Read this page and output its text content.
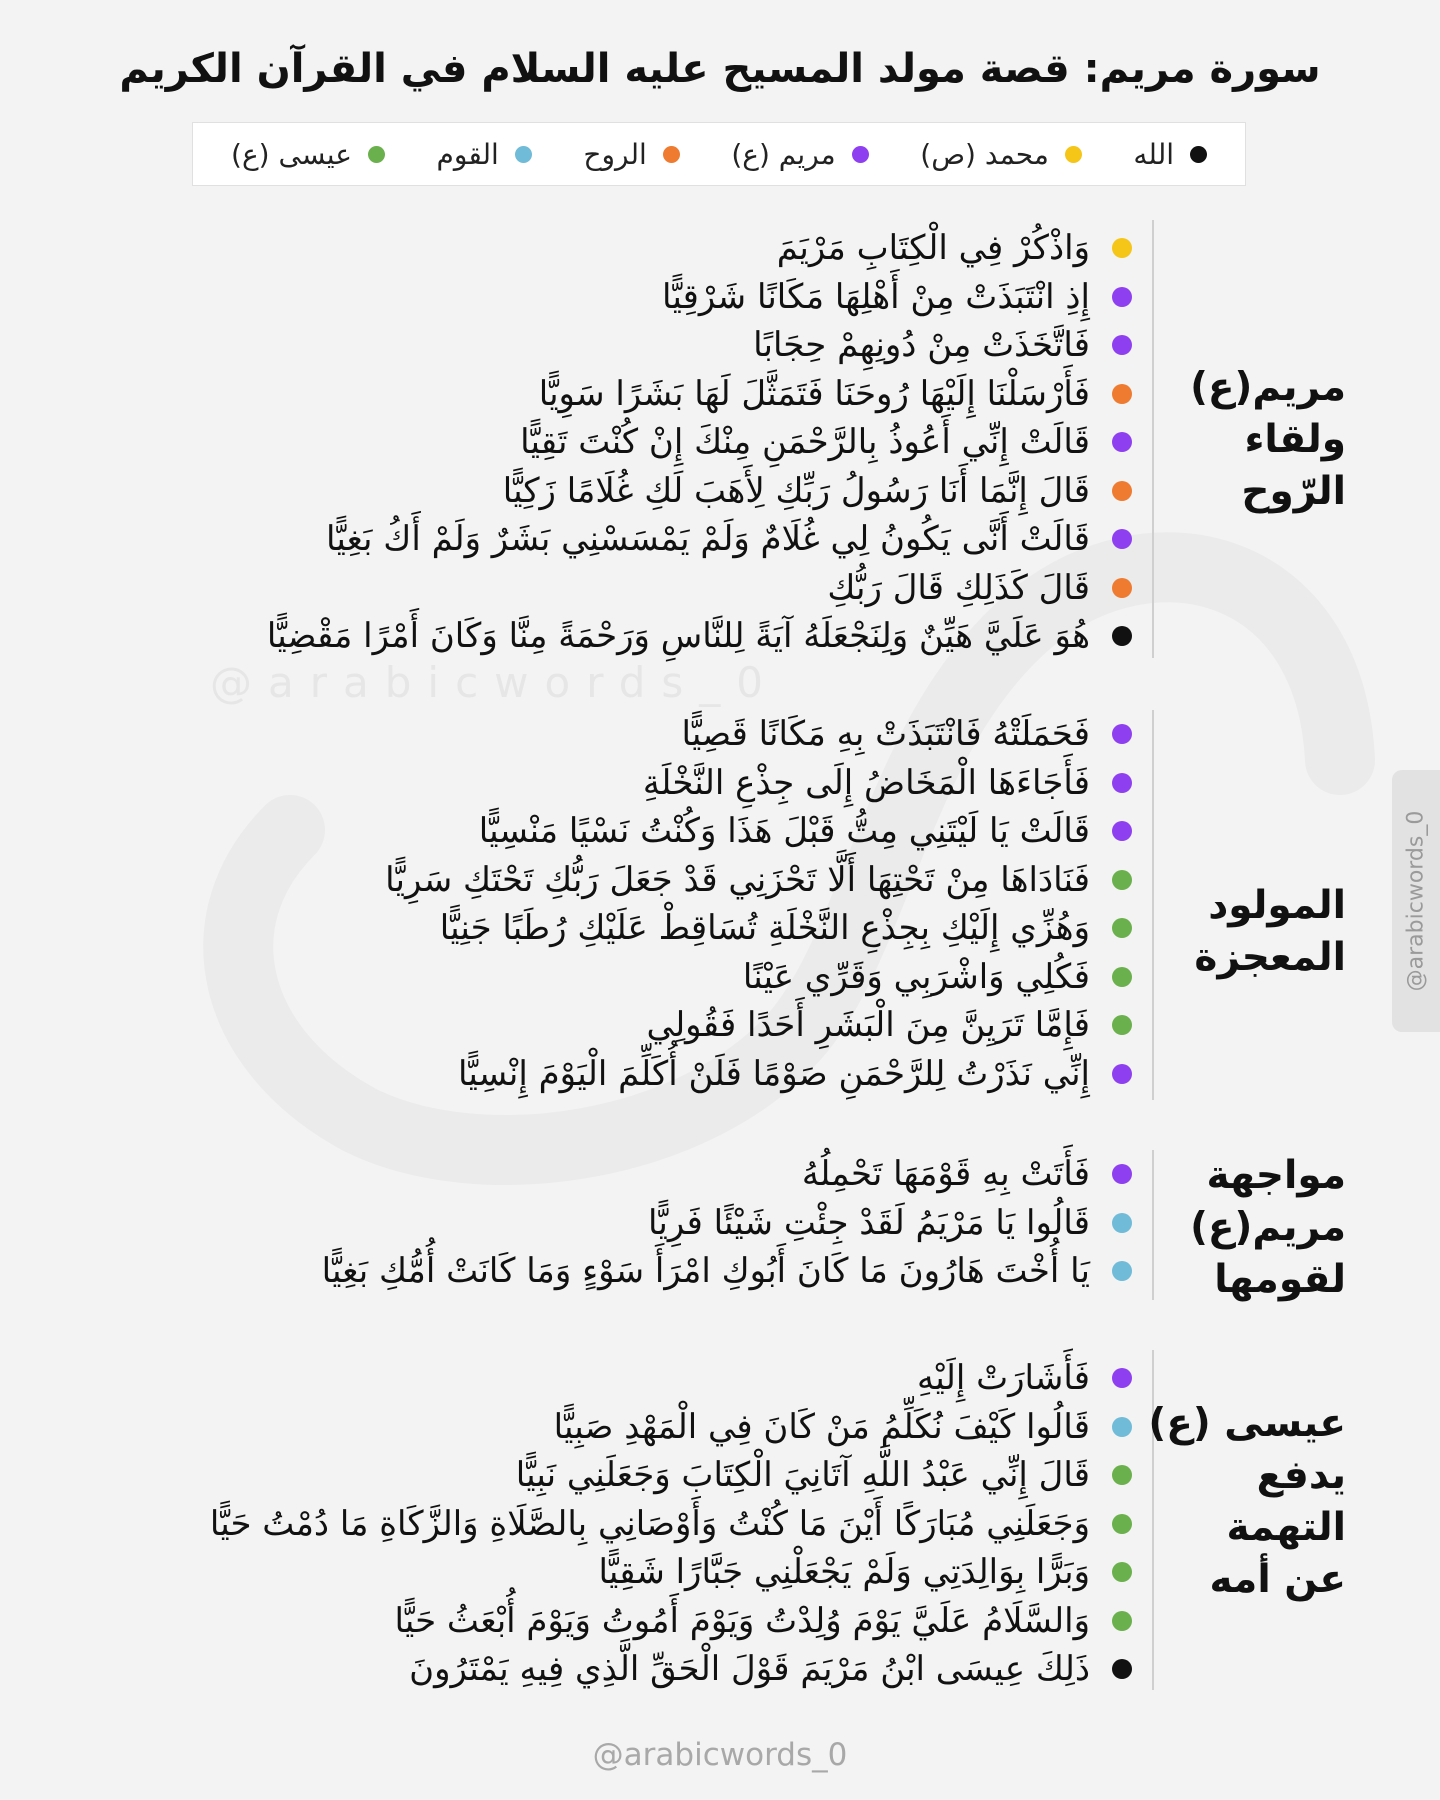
@arabicwords_0
سورة مريم: قصة مولد المسيح عليه السلام في القرآن الكريم
الله
محمد (ص)
مريم (ع)
الروح
القوم
عيسى (ع)
مريم(ع)
ولقاء
الرّوح
وَاذْكُرْ فِي الْكِتَابِ مَرْيَمَ
إِذِ انْتَبَذَتْ مِنْ أَهْلِهَا مَكَانًا شَرْقِيًّا
فَاتَّخَذَتْ مِنْ دُونِهِمْ حِجَابًا
فَأَرْسَلْنَا إِلَيْهَا رُوحَنَا فَتَمَثَّلَ لَهَا بَشَرًا سَوِيًّا
قَالَتْ إِنِّي أَعُوذُ بِالرَّحْمَنِ مِنْكَ إِنْ كُنْتَ تَقِيًّا
قَالَ إِنَّمَا أَنَا رَسُولُ رَبِّكِ لِأَهَبَ لَكِ غُلَامًا زَكِيًّا
قَالَتْ أَنَّى يَكُونُ لِي غُلَامٌ وَلَمْ يَمْسَسْنِي بَشَرٌ وَلَمْ أَكُ بَغِيًّا
قَالَ كَذَلِكِ قَالَ رَبُّكِ
هُوَ عَلَيَّ هَيِّنٌ وَلِنَجْعَلَهُ آيَةً لِلنَّاسِ وَرَحْمَةً مِنَّا وَكَانَ أَمْرًا مَقْضِيًّا
المولود
المعجزة
فَحَمَلَتْهُ فَانْتَبَذَتْ بِهِ مَكَانًا قَصِيًّا
فَأَجَاءَهَا الْمَخَاضُ إِلَى جِذْعِ النَّخْلَةِ
قَالَتْ يَا لَيْتَنِي مِتُّ قَبْلَ هَذَا وَكُنْتُ نَسْيًا مَنْسِيًّا
فَنَادَاهَا مِنْ تَحْتِهَا أَلَّا تَحْزَنِي قَدْ جَعَلَ رَبُّكِ تَحْتَكِ سَرِيًّا
وَهُزِّي إِلَيْكِ بِجِذْعِ النَّخْلَةِ تُسَاقِطْ عَلَيْكِ رُطَبًا جَنِيًّا
فَكُلِي وَاشْرَبِي وَقَرِّي عَيْنًا
فَإِمَّا تَرَيِنَّ مِنَ الْبَشَرِ أَحَدًا فَقُولِي
إِنِّي نَذَرْتُ لِلرَّحْمَنِ صَوْمًا فَلَنْ أُكَلِّمَ الْيَوْمَ إِنْسِيًّا
مواجهة
مريم(ع)
لقومها
فَأَتَتْ بِهِ قَوْمَهَا تَحْمِلُهُ
قَالُوا يَا مَرْيَمُ لَقَدْ جِئْتِ شَيْئًا فَرِيًّا
يَا أُخْتَ هَارُونَ مَا كَانَ أَبُوكِ امْرَأَ سَوْءٍ وَمَا كَانَتْ أُمُّكِ بَغِيًّا
عيسى (ع)
يدفع
التهمة
عن أمه
فَأَشَارَتْ إِلَيْهِ
قَالُوا كَيْفَ نُكَلِّمُ مَنْ كَانَ فِي الْمَهْدِ صَبِيًّا
قَالَ إِنِّي عَبْدُ اللَّهِ آتَانِيَ الْكِتَابَ وَجَعَلَنِي نَبِيًّا
وَجَعَلَنِي مُبَارَكًا أَيْنَ مَا كُنْتُ وَأَوْصَانِي بِالصَّلَاةِ وَالزَّكَاةِ مَا دُمْتُ حَيًّا
وَبَرًّا بِوَالِدَتِي وَلَمْ يَجْعَلْنِي جَبَّارًا شَقِيًّا
وَالسَّلَامُ عَلَيَّ يَوْمَ وُلِدْتُ وَيَوْمَ أَمُوتُ وَيَوْمَ أُبْعَثُ حَيًّا
ذَلِكَ عِيسَى ابْنُ مَرْيَمَ قَوْلَ الْحَقِّ الَّذِي فِيهِ يَمْتَرُونَ
@arabicwords_0
@arabicwords_0
